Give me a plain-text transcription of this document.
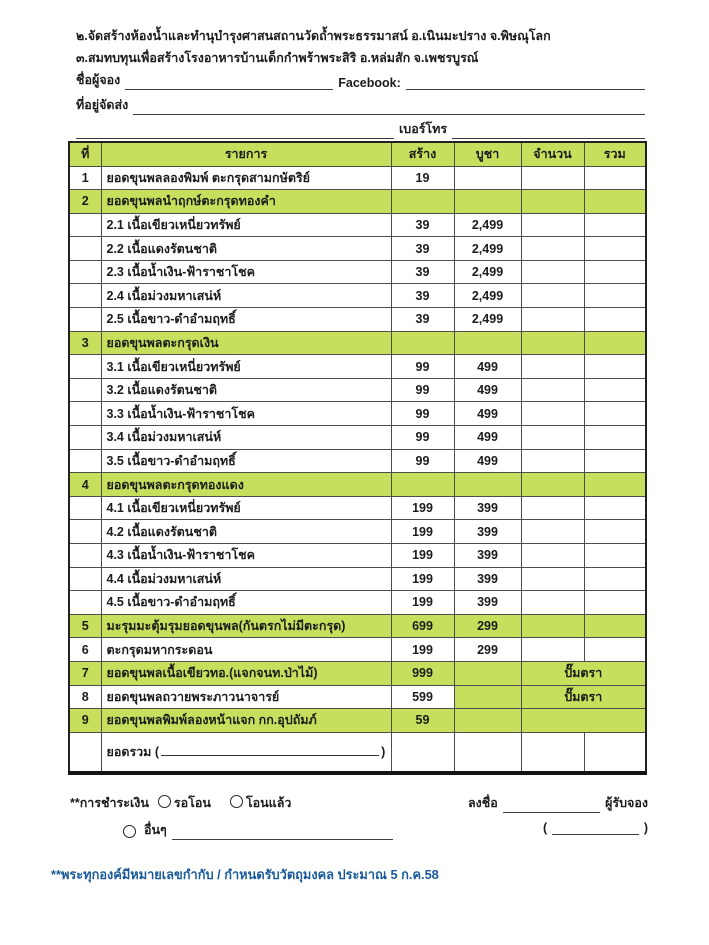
๒.จัดสร้างห้องน้ำและทำนุบำรุงศาสนสถานวัดถ้ำพระธรรมาสน์ อ.เนินมะปราง จ.พิษณุโลก
๓.สมทบทุนเพื่อสร้างโรงอาหารบ้านเด็กกำพร้าพระสิริ อ.หล่มสัก จ.เพชรบูรณ์
ชื่อผู้จอง	Facebook:
ที่อยู่จัดส่ง
เบอร์โทร
ที่	รายการ	สร้าง	บูชา	จำนวน	รวม
1	ยอดขุนพลลองพิมพ์ ตะกรุดสามกษัตริย์	19			
2	ยอดขุนพลนำฤกษ์ตะกรุดทองคำ				
	2.1 เนื้อเขียวเหนี่ยวทรัพย์	39	2,499		
	2.2 เนื้อแดงรัตนชาติ	39	2,499		
	2.3 เนื้อน้ำเงิน-ฟ้าราชาโชค	39	2,499		
	2.4 เนื้อม่วงมหาเสน่ห์	39	2,499		
	2.5 เนื้อขาว-ดำอำมฤทธิ์	39	2,499		
3	ยอดขุนพลตะกรุดเงิน				
	3.1 เนื้อเขียวเหนี่ยวทรัพย์	99	499		
	3.2 เนื้อแดงรัตนชาติ	99	499		
	3.3 เนื้อน้ำเงิน-ฟ้าราชาโชค	99	499		
	3.4 เนื้อม่วงมหาเสน่ห์	99	499		
	3.5 เนื้อขาว-ดำอำมฤทธิ์	99	499		
4	ยอดขุนพลตะกรุดทองแดง				
	4.1 เนื้อเขียวเหนี่ยวทรัพย์	199	399		
	4.2 เนื้อแดงรัตนชาติ	199	399		
	4.3 เนื้อน้ำเงิน-ฟ้าราชาโชค	199	399		
	4.4 เนื้อม่วงมหาเสน่ห์	199	399		
	4.5 เนื้อขาว-ดำอำมฤทธิ์	199	399		
5	มะรุมมะตุ้มรุมยอดขุนพล(กันตรกไม่มีตะกรุด)	699	299		
6	ตะกรุดมหากระดอน	199	299		
7	ยอดขุนพลเนื้อเขียวทอ.(แจกจนท.ป่าไม้)	999		ปั๊มตรา	
8	ยอดขุนพลถวายพระภาวนาจารย์	599		ปั๊มตรา	
9	ยอดขุนพลพิมพ์ลองหน้าแจก กก.อุปถัมภ์	59			
	ยอดรวม ( )				
**การชำระเงิน	รอโอน	โอนแล้ว	ลงชื่อ	ผู้รับจอง
อื่นๆ	(	)
**พระทุกองค์มีหมายเลขกำกับ / กำหนดรับวัตถุมงคล ประมาณ 5 ก.ค.58
